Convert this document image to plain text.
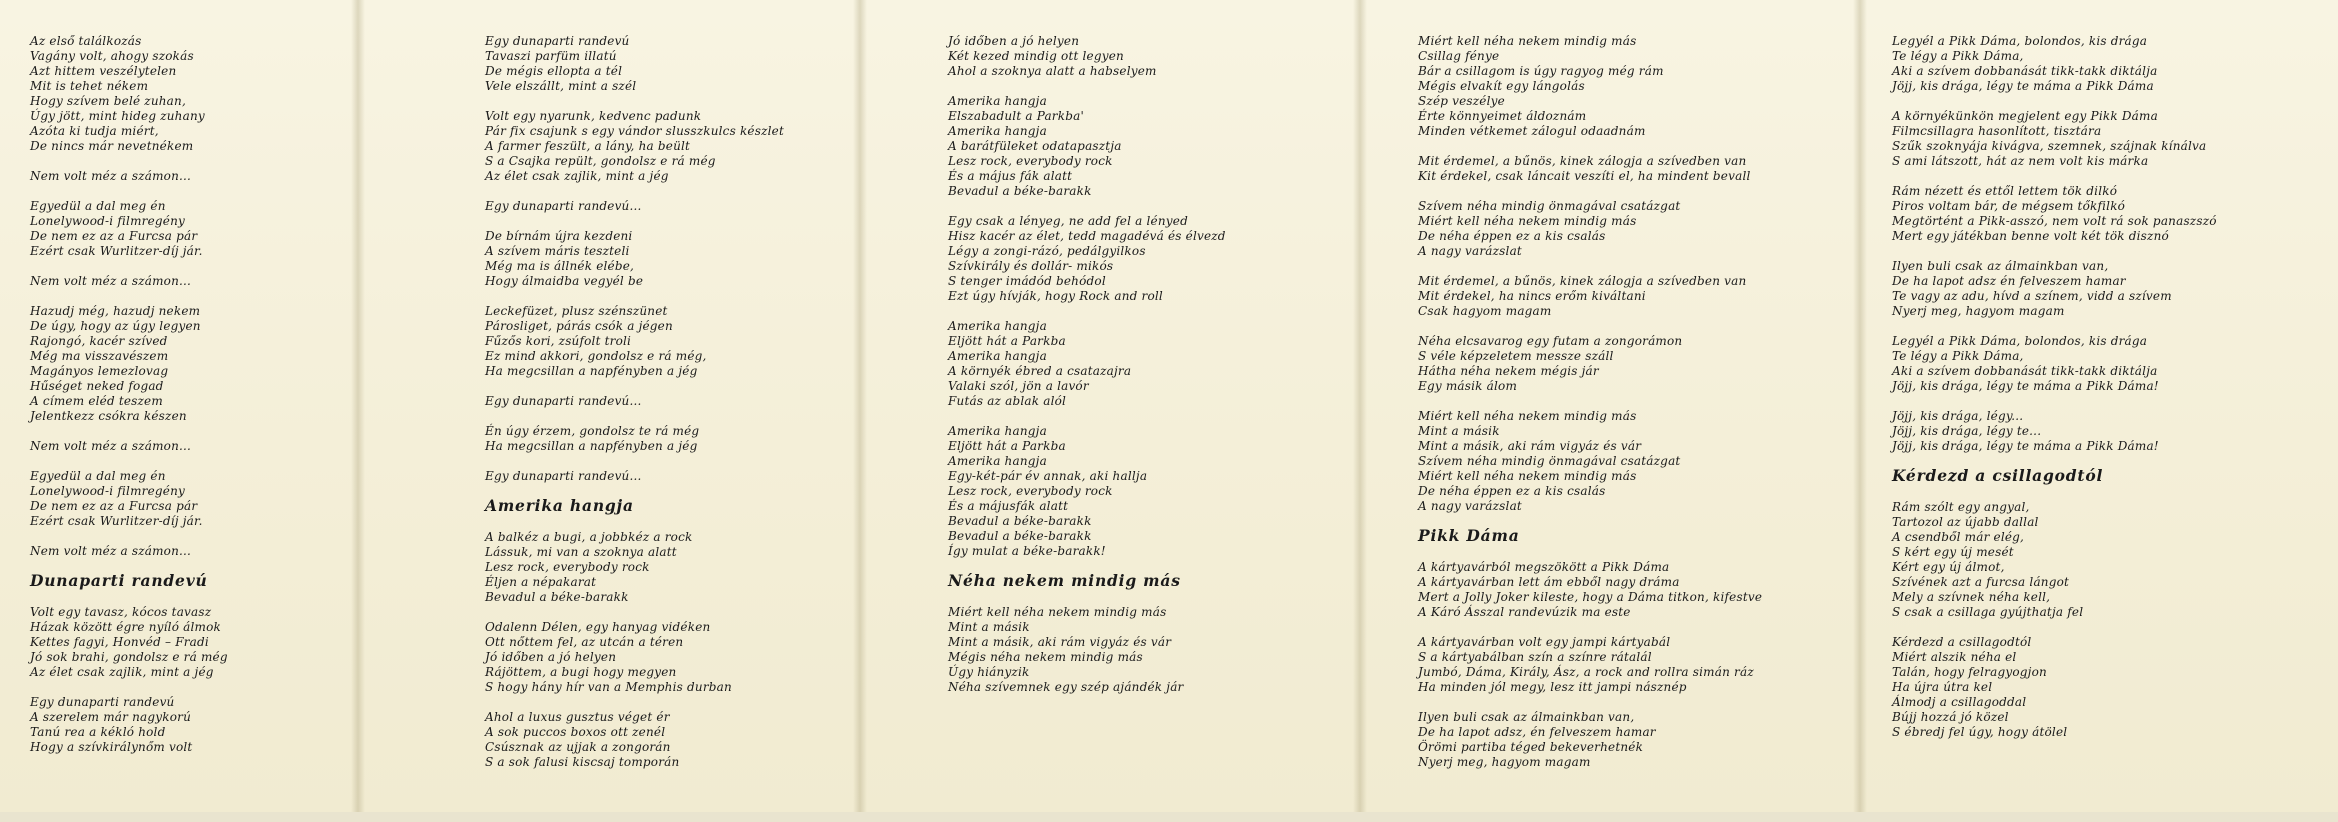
Az első találkozás
Vagány volt, ahogy szokás
Azt hittem veszélytelen
Mit is tehet nékem
Hogy szívem belé zuhan,
Úgy jött, mint hideg zuhany
Azóta ki tudja miért,
De nincs már nevetnékem
Nem volt méz a számon...
Egyedül a dal meg én
Lonelywood-i filmregény
De nem ez az a Furcsa pár
Ezért csak Wurlitzer-díj jár.
Nem volt méz a számon...
Hazudj még, hazudj nekem
De úgy, hogy az úgy legyen
Rajongó, kacér szíved
Még ma visszavészem
Magányos lemezlovag
Hűséget neked fogad
A címem eléd teszem
Jelentkezz csókra készen
Nem volt méz a számon...
Egyedül a dal meg én
Lonelywood-i filmregény
De nem ez az a Furcsa pár
Ezért csak Wurlitzer-díj jár.
Nem volt méz a számon...
Dunaparti randevú
Volt egy tavasz, kócos tavasz
Házak között égre nyíló álmok
Kettes fagyi, Honvéd – Fradi
Jó sok brahi, gondolsz e rá még
Az élet csak zajlik, mint a jég
Egy dunaparti randevú
A szerelem már nagykorú
Tanú rea a kékló hold
Hogy a szívkirálynőm volt
Egy dunaparti randevú
Tavaszi parfüm illatú
De mégis ellopta a tél
Vele elszállt, mint a szél
Volt egy nyarunk, kedvenc padunk
Pár fix csajunk s egy vándor slusszkulcs készlet
A farmer feszült, a lány, ha beült
S a Csajka repült, gondolsz e rá még
Az élet csak zajlik, mint a jég
Egy dunaparti randevú...
De bírnám újra kezdeni
A szívem máris teszteli
Még ma is állnék elébe,
Hogy álmaidba vegyél be
Leckefüzet, plusz szénszünet
Párosliget, párás csók a jégen
Fűzős kori, zsúfolt troli
Ez mind akkori, gondolsz e rá még,
Ha megcsillan a napfényben a jég
Egy dunaparti randevú...
Én úgy érzem, gondolsz te rá még
Ha megcsillan a napfényben a jég
Egy dunaparti randevú...
Amerika hangja
A balkéz a bugi, a jobbkéz a rock
Lássuk, mi van a szoknya alatt
Lesz rock, everybody rock
Éljen a népakarat
Bevadul a béke-barakk
Odalenn Délen, egy hanyag vidéken
Ott nőttem fel, az utcán a téren
Jó időben a jó helyen
Rájöttem, a bugi hogy megyen
S hogy hány hír van a Memphis durban
Ahol a luxus gusztus véget ér
A sok puccos boxos ott zenél
Csúsznak az ujjak a zongorán
S a sok falusi kiscsaj tomporán
Jó időben a jó helyen
Két kezed mindig ott legyen
Ahol a szoknya alatt a habselyem
Amerika hangja
Elszabadult a Parkba'
Amerika hangja
A barátfüleket odatapasztja
Lesz rock, everybody rock
És a május fák alatt
Bevadul a béke-barakk
Egy csak a lényeg, ne add fel a lényed
Hisz kacér az élet, tedd magadévá és élvezd
Légy a zongi-rázó, pedálgyilkos
Szívkirály és dollár- mikós
S tenger imádód behódol
Ezt úgy hívják, hogy Rock and roll
Amerika hangja
Eljött hát a Parkba
Amerika hangja
A környék ébred a csatazajra
Valaki szól, jön a lavór
Futás az ablak alól
Amerika hangja
Eljött hát a Parkba
Amerika hangja
Egy-két-pár év annak, aki hallja
Lesz rock, everybody rock
És a májusfák alatt
Bevadul a béke-barakk
Bevadul a béke-barakk
Így mulat a béke-barakk!
Néha nekem mindig más
Miért kell néha nekem mindig más
Mint a másik
Mint a másik, aki rám vigyáz és vár
Mégis néha nekem mindig más
Úgy hiányzik
Néha szívemnek egy szép ajándék jár
Miért kell néha nekem mindig más
Csillag fénye
Bár a csillagom is úgy ragyog még rám
Mégis elvakít egy lángolás
Szép veszélye
Érte könnyeimet áldoznám
Minden vétkemet zálogul odaadnám
Mit érdemel, a bűnös, kinek zálogja a szívedben van
Kit érdekel, csak láncait veszíti el, ha mindent bevall
Szívem néha mindig önmagával csatázgat
Miért kell néha nekem mindig más
De néha éppen ez a kis csalás
A nagy varázslat
Mit érdemel, a bűnös, kinek zálogja a szívedben van
Mit érdekel, ha nincs erőm kiváltani
Csak hagyom magam
Néha elcsavarog egy futam a zongorámon
S véle képzeletem messze száll
Hátha néha nekem mégis jár
Egy másik álom
Miért kell néha nekem mindig más
Mint a másik
Mint a másik, aki rám vigyáz és vár
Szívem néha mindig önmagával csatázgat
Miért kell néha nekem mindig más
De néha éppen ez a kis csalás
A nagy varázslat
Pikk Dáma
A kártyavárból megszökött a Pikk Dáma
A kártyavárban lett ám ebből nagy dráma
Mert a Jolly Joker kileste, hogy a Dáma titkon, kifestve
A Káró Ásszal randevúzik ma este
A kártyavárban volt egy jampi kártyabál
S a kártyabálban szín a színre rátalál
Jumbó, Dáma, Király, Ász, a rock and rollra simán ráz
Ha minden jól megy, lesz itt jampi násznép
Ilyen buli csak az álmainkban van,
De ha lapot adsz, én felveszem hamar
Örömi partiba téged bekeverhetnék
Nyerj meg, hagyom magam
Legyél a Pikk Dáma, bolondos, kis drága
Te légy a Pikk Dáma,
Aki a szívem dobbanását tikk-takk diktálja
Jöjj, kis drága, légy te máma a Pikk Dáma
A környékünkön megjelent egy Pikk Dáma
Filmcsillagra hasonlított, tisztára
Szűk szoknyája kivágva, szemnek, szájnak kínálva
S ami látszott, hát az nem volt kis márka
Rám nézett és ettől lettem tök dilkó
Piros voltam bár, de mégsem tőkfilkó
Megtörtént a Pikk-asszó, nem volt rá sok panaszszó
Mert egy játékban benne volt két tök disznó
Ilyen buli csak az álmainkban van,
De ha lapot adsz én felveszem hamar
Te vagy az adu, hívd a színem, vidd a szívem
Nyerj meg, hagyom magam
Legyél a Pikk Dáma, bolondos, kis drága
Te légy a Pikk Dáma,
Aki a szívem dobbanását tikk-takk diktálja
Jöjj, kis drága, légy te máma a Pikk Dáma!
Jöjj, kis drága, légy...
Jöjj, kis drága, légy te...
Jöjj, kis drága, légy te máma a Pikk Dáma!
Kérdezd a csillagodtól
Rám szólt egy angyal,
Tartozol az újabb dallal
A csendből már elég,
S kért egy új mesét
Kért egy új álmot,
Szívének azt a furcsa lángot
Mely a szívnek néha kell,
S csak a csillaga gyújthatja fel
Kérdezd a csillagodtól
Miért alszik néha el
Talán, hogy felragyogjon
Ha újra útra kel
Álmodj a csillagoddal
Bújj hozzá jó közel
S ébredj fel úgy, hogy átölel
